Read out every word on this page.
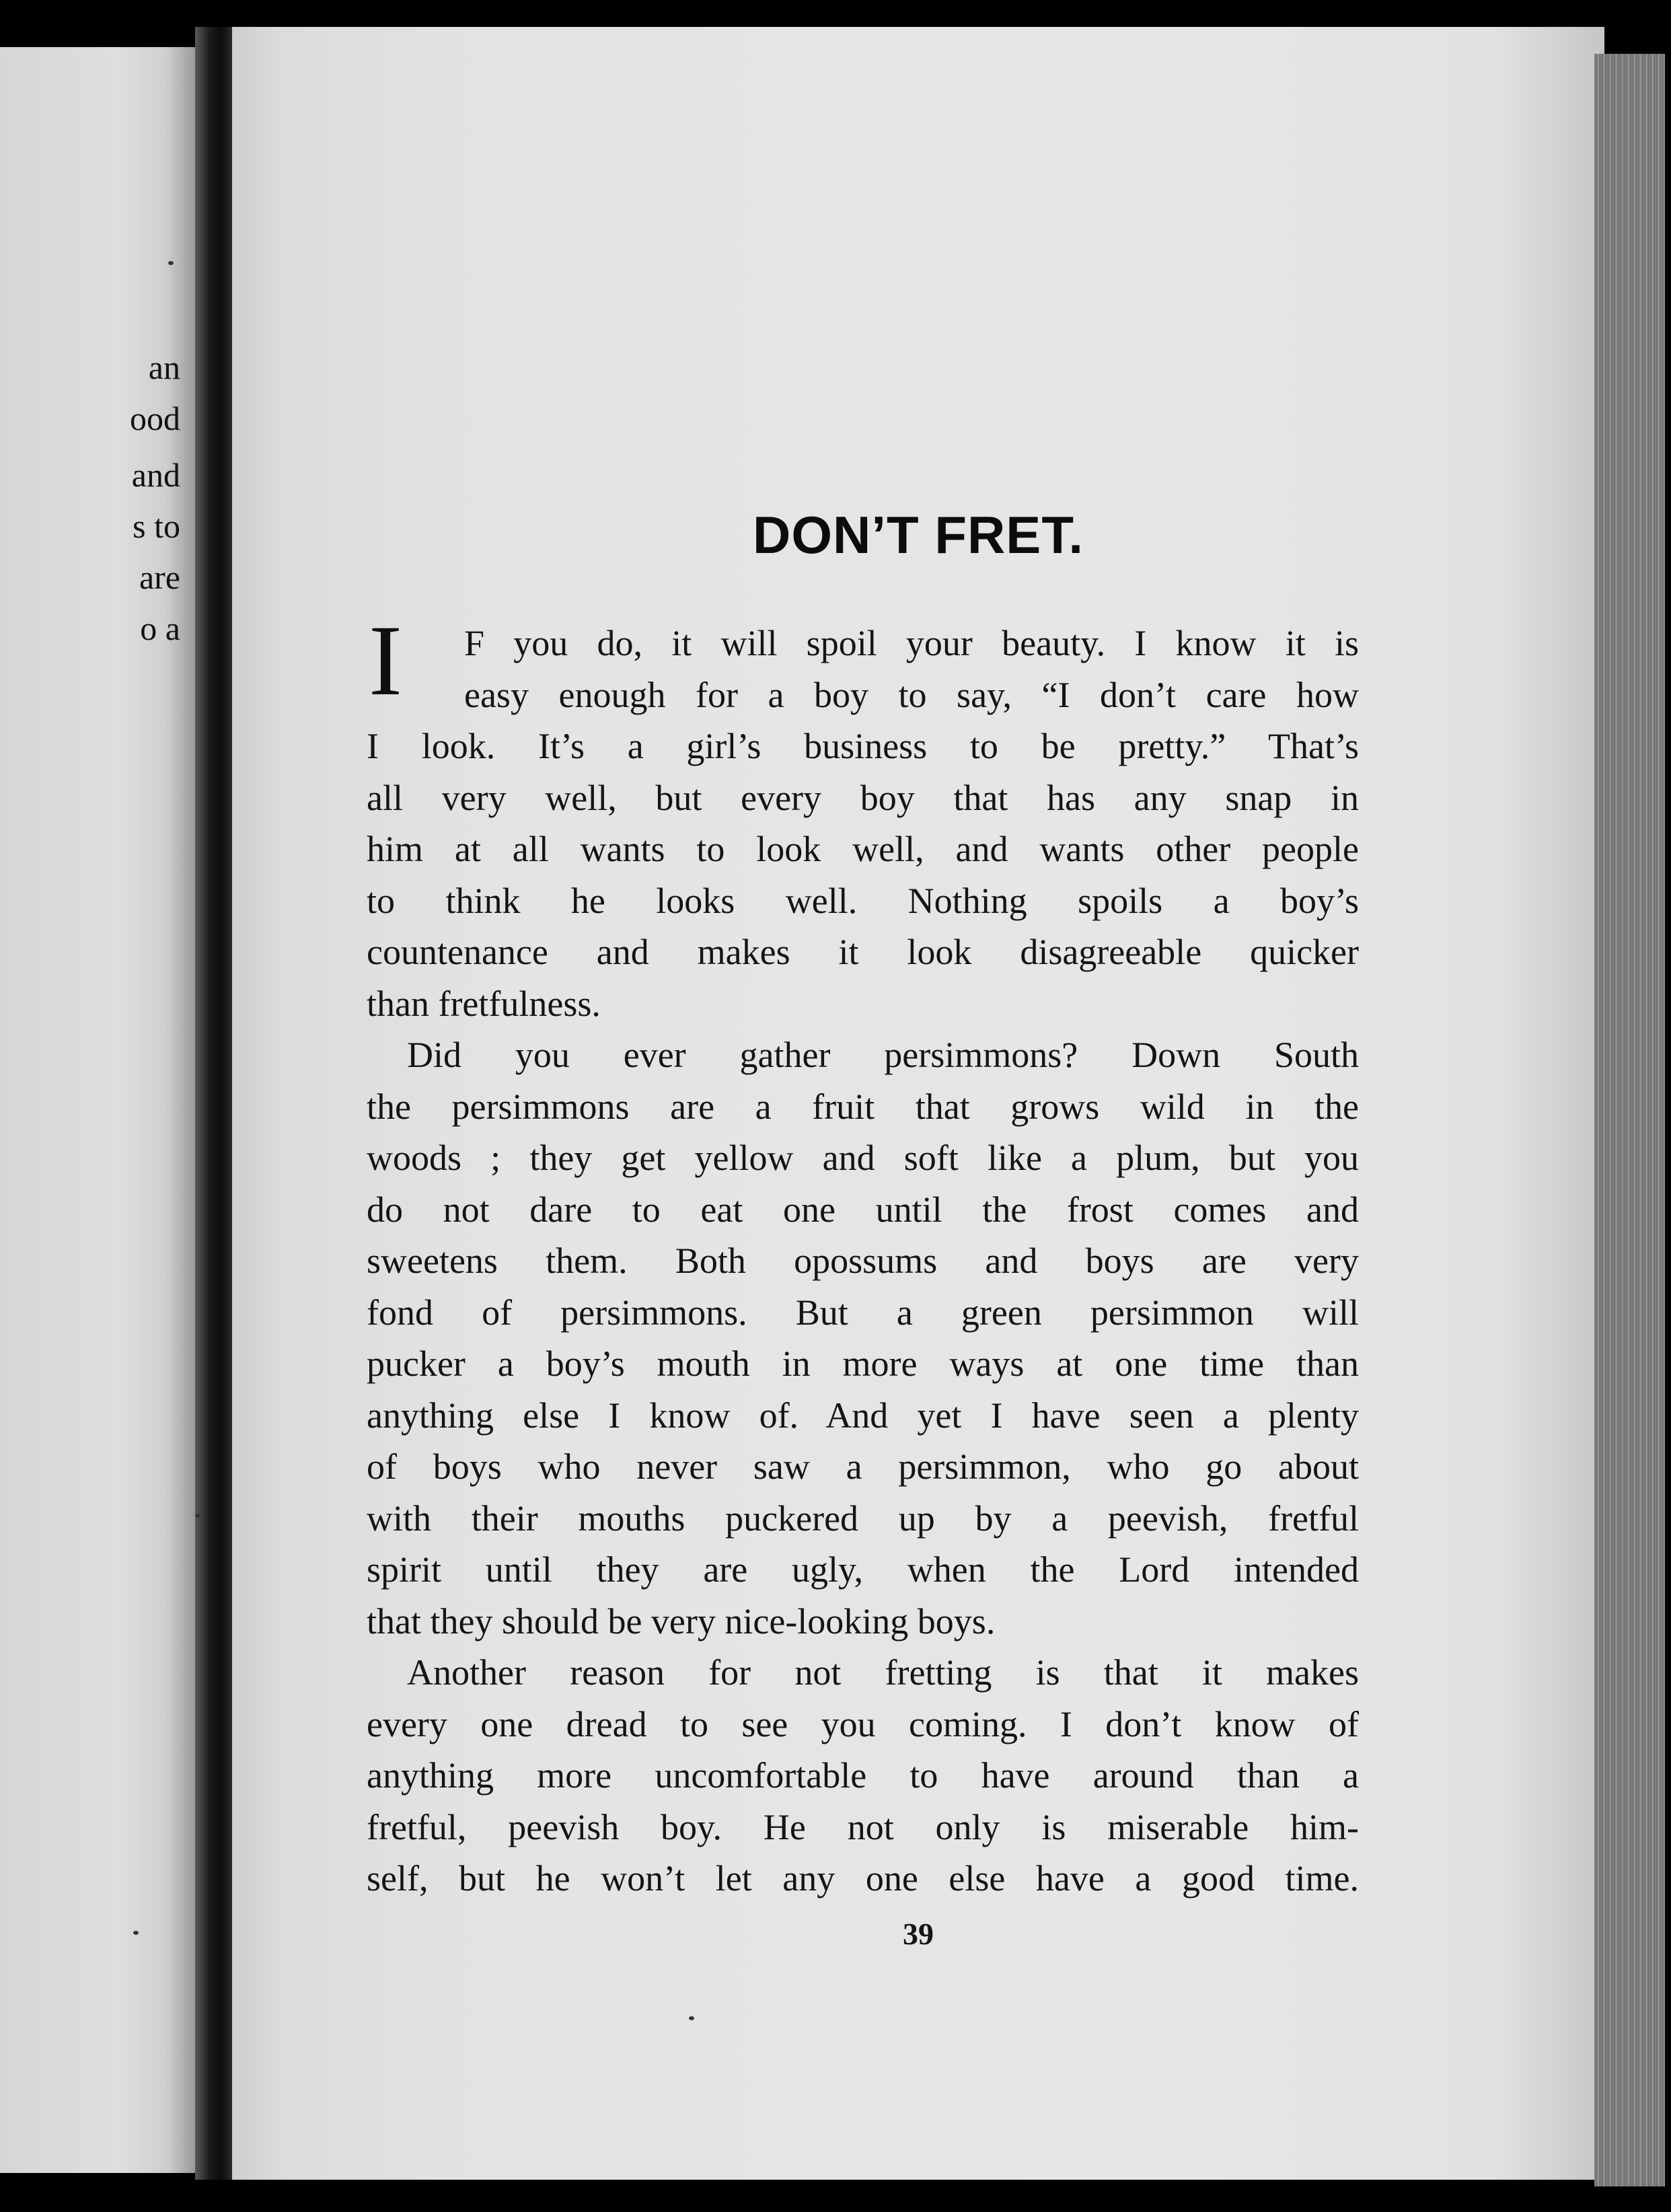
an
ood
and
s to
are
o a
DON’T FRET.
I	F you do, it will spoil your beauty. I know it is
easy enough for a boy to say, “I don’t care how
I look. It’s a girl’s business to be pretty.” That’s
all very well, but every boy that has any snap in
him at all wants to look well, and wants other people
to think he looks well. Nothing spoils a boy’s
countenance and makes it look disagreeable quicker
than fretfulness.
Did you ever gather persimmons? Down South
the persimmons are a fruit that grows wild in the
woods ; they get yellow and soft like a plum, but you
do not dare to eat one until the frost comes and
sweetens them. Both opossums and boys are very
fond of persimmons. But a green persimmon will
pucker a boy’s mouth in more ways at one time than
anything else I know of. And yet I have seen a plenty
of boys who never saw a persimmon, who go about
with their mouths puckered up by a peevish, fretful
spirit until they are ugly, when the Lord intended
that they should be very nice-looking boys.
Another reason for not fretting is that it makes
every one dread to see you coming. I don’t know of
anything more uncomfortable to have around than a
fretful, peevish boy. He not only is miserable him-
self, but he won’t let any one else have a good time.
39
